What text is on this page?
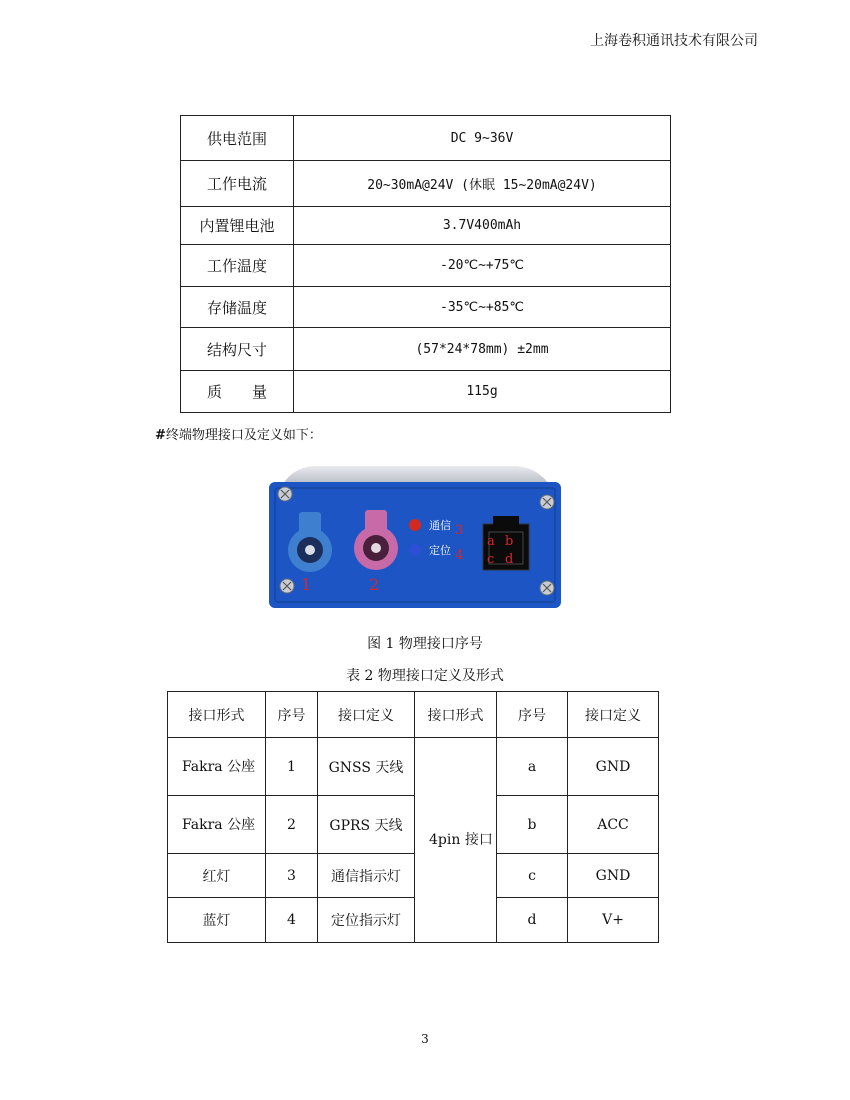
上海卷积通讯技术有限公司
供电范围	DC 9~36V
工作电流	20~30mA@24V (休眠 15~20mA@24V)
内置锂电池	3.7V400mAh
工作温度	-20℃~+75℃
存储温度	-35℃~+85℃
结构尺寸	(57*24*78mm) ±2mm
质　　量	115g
#终端物理接口及定义如下：
通信 3
定位 4
a b
c d
1	2
图 1 物理接口序号
表 2 物理接口定义及形式
接口形式	序号	接口定义	接口形式	序号	接口定义
Fakra 公座	1	GNSS 天线	4pin 接口	a	GND
Fakra 公座	2	GPRS 天线		b	ACC
红灯	3	通信指示灯		c	GND
蓝灯	4	定位指示灯		d	V+
3
